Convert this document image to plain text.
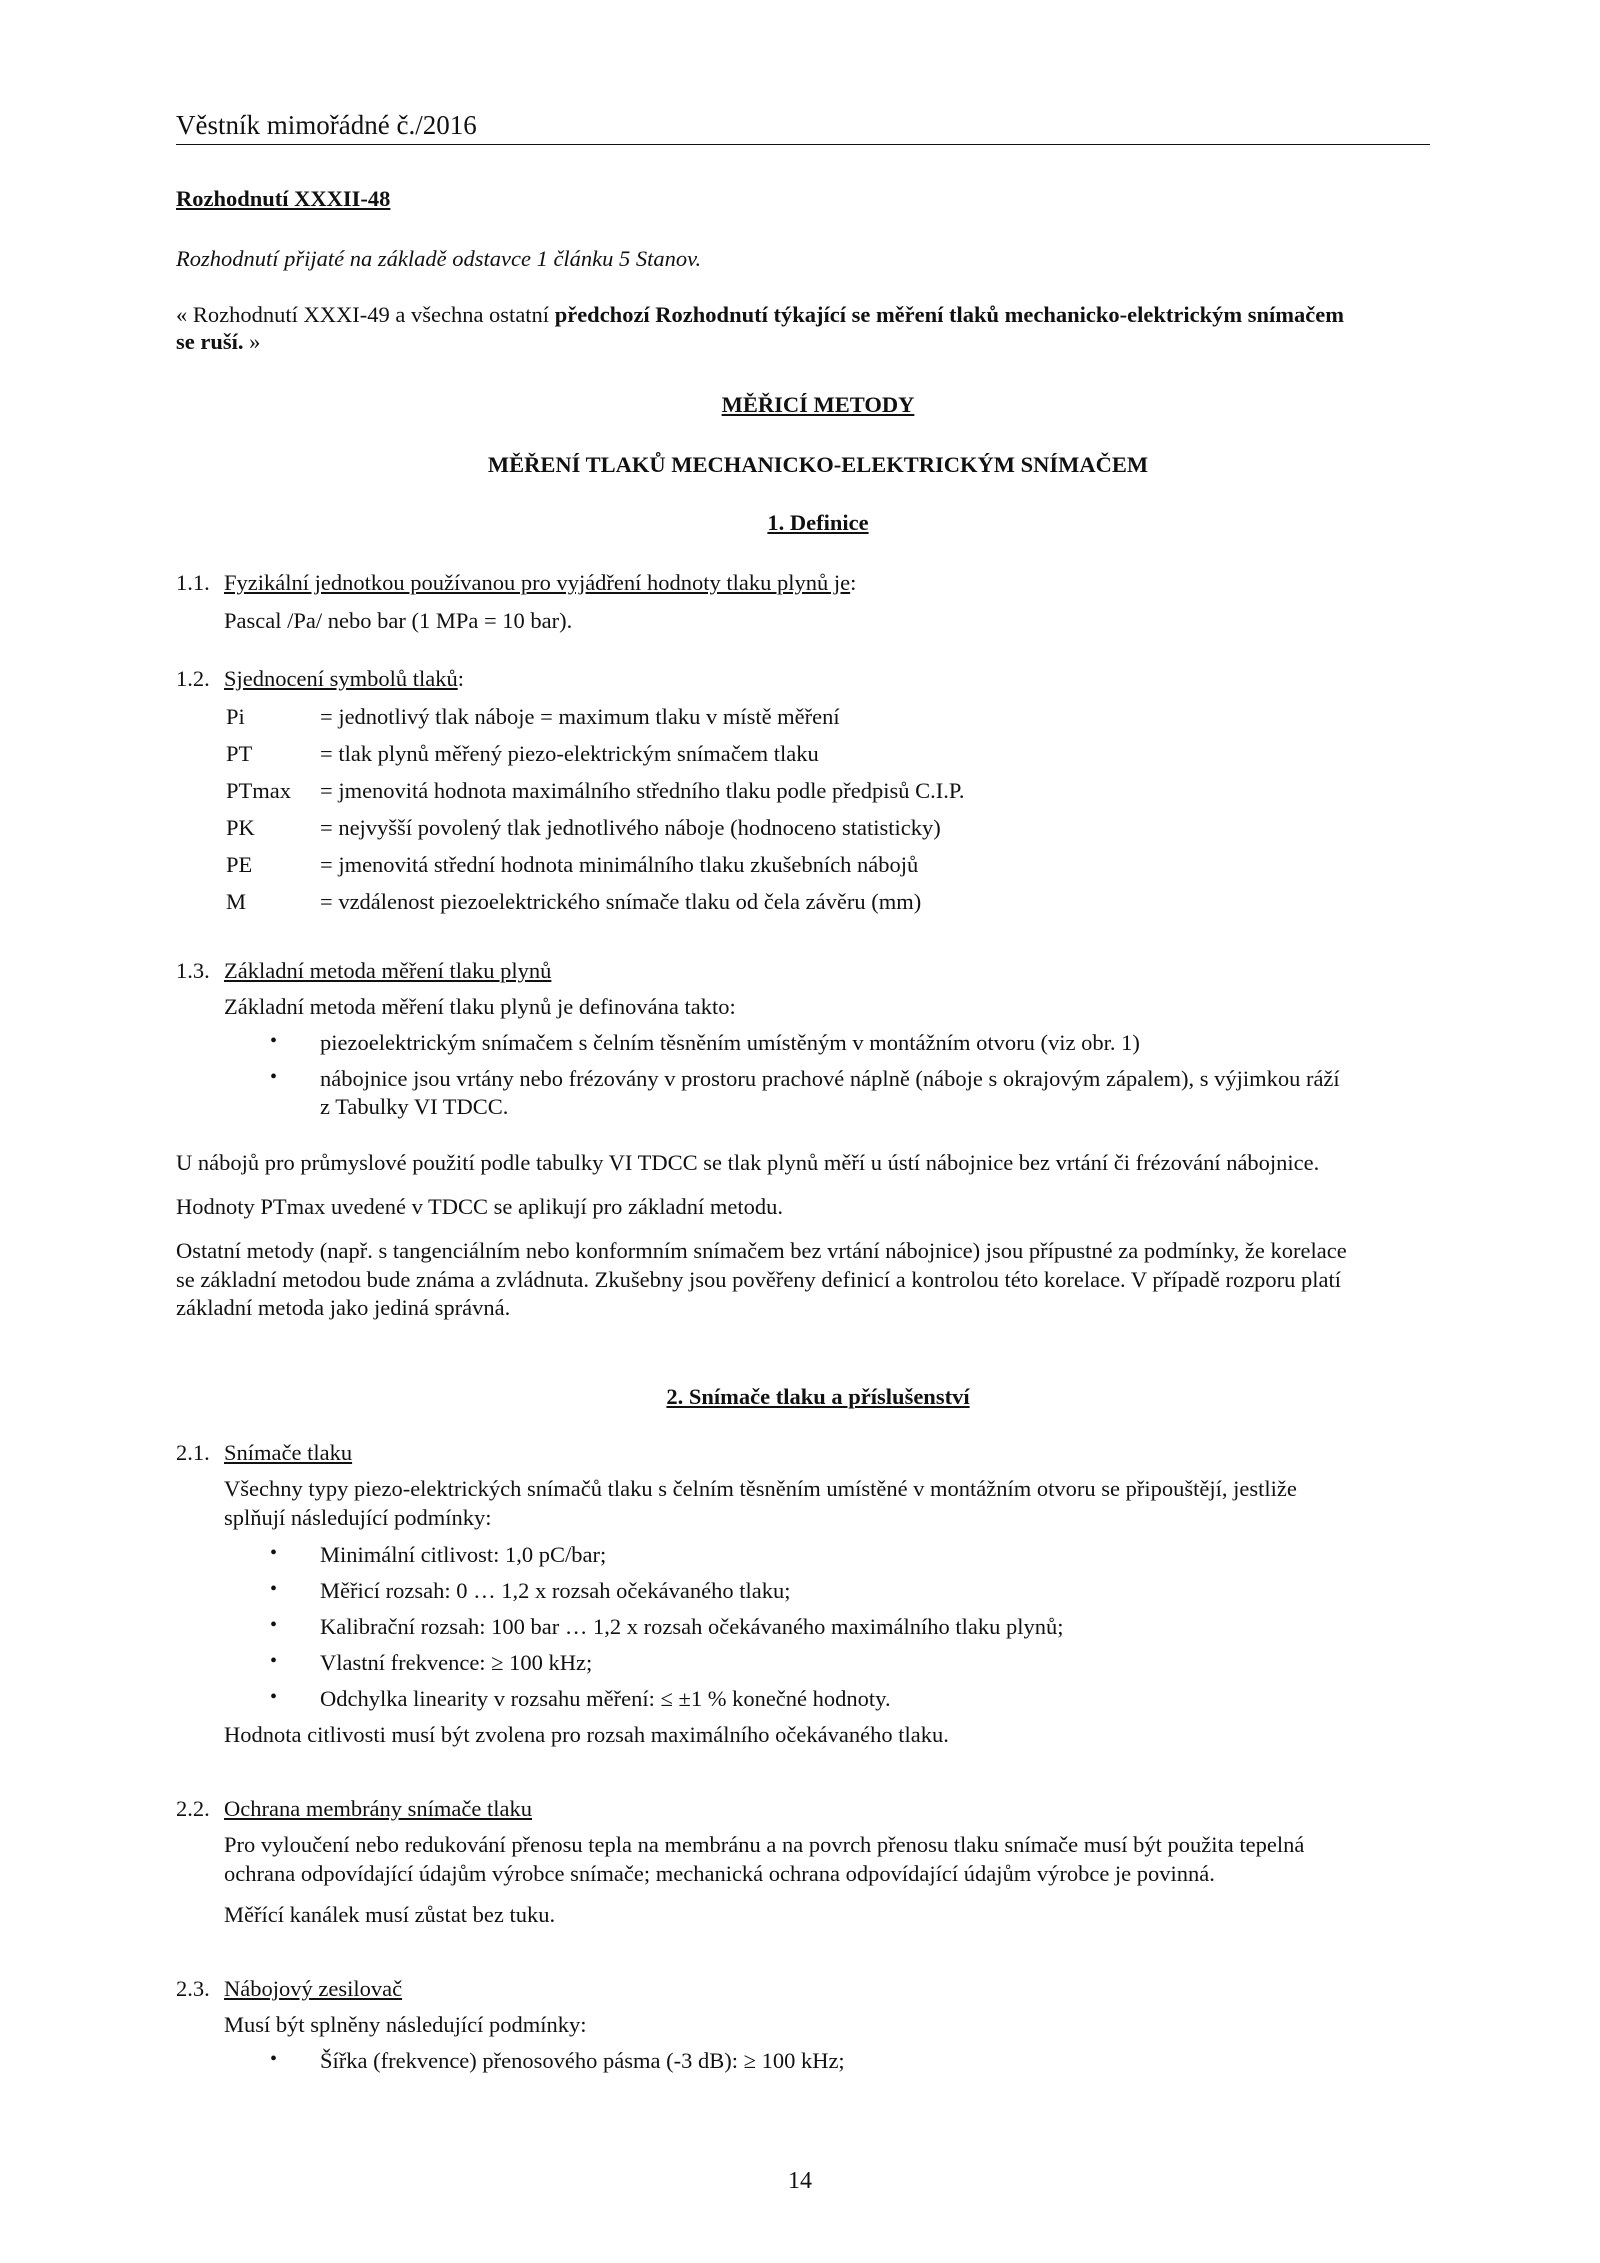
Věstník mimořádné č./2016
Rozhodnutí XXXII-48
Rozhodnutí přijaté na základě odstavce 1 článku 5 Stanov.
« Rozhodnutí XXXI-49 a všechna ostatní předchozí Rozhodnutí týkající se měření tlaků mechanicko-elektrickým snímačem
se ruší. »
MĚŘICÍ METODY
MĚŘENÍ TLAKŮ MECHANICKO-ELEKTRICKÝM SNÍMAČEM
1. Definice
1.1. Fyzikální jednotkou používanou pro vyjádření hodnoty tlaku plynů je:
Pascal /Pa/ nebo bar (1 MPa = 10 bar).
1.2. Sjednocení symbolů tlaků:
Pi	= jednotlivý tlak náboje = maximum tlaku v místě měření
PT	= tlak plynů měřený piezo-elektrickým snímačem tlaku
PTmax = jmenovitá hodnota maximálního středního tlaku podle předpisů C.I.P.
PK	= nejvyšší povolený tlak jednotlivého náboje (hodnoceno statisticky)
PE	= jmenovitá střední hodnota minimálního tlaku zkušebních nábojů
M	= vzdálenost piezoelektrického snímače tlaku od čela závěru (mm)
1.3. Základní metoda měření tlaku plynů
Základní metoda měření tlaku plynů je definována takto:
• piezoelektrickým snímačem s čelním těsněním umístěným v montážním otvoru (viz obr. 1)
• nábojnice jsou vrtány nebo frézovány v prostoru prachové náplně (náboje s okrajovým zápalem), s výjimkou ráží
z Tabulky VI TDCC.
U nábojů pro průmyslové použití podle tabulky VI TDCC se tlak plynů měří u ústí nábojnice bez vrtání či frézování nábojnice.
Hodnoty PTmax uvedené v TDCC se aplikují pro základní metodu.
Ostatní metody (např. s tangenciálním nebo konformním snímačem bez vrtání nábojnice) jsou přípustné za podmínky, že korelace
se základní metodou bude známa a zvládnuta. Zkušebny jsou pověřeny definicí a kontrolou této korelace. V případě rozporu platí
základní metoda jako jediná správná.
2. Snímače tlaku a příslušenství
2.1. Snímače tlaku
Všechny typy piezo-elektrických snímačů tlaku s čelním těsněním umístěné v montážním otvoru se připouštějí, jestliže
splňují následující podmínky:
• Minimální citlivost: 1,0 pC/bar;
• Měřicí rozsah: 0 … 1,2 x rozsah očekávaného tlaku;
• Kalibrační rozsah: 100 bar … 1,2 x rozsah očekávaného maximálního tlaku plynů;
• Vlastní frekvence: ≥ 100 kHz;
• Odchylka linearity v rozsahu měření: ≤ ±1 % konečné hodnoty.
Hodnota citlivosti musí být zvolena pro rozsah maximálního očekávaného tlaku.
2.2. Ochrana membrány snímače tlaku
Pro vyloučení nebo redukování přenosu tepla na membránu a na povrch přenosu tlaku snímače musí být použita tepelná
ochrana odpovídající údajům výrobce snímače; mechanická ochrana odpovídající údajům výrobce je povinná.
Měřící kanálek musí zůstat bez tuku.
2.3. Nábojový zesilovač
Musí být splněny následující podmínky:
• Šířka (frekvence) přenosového pásma (-3 dB): ≥ 100 kHz;
14
